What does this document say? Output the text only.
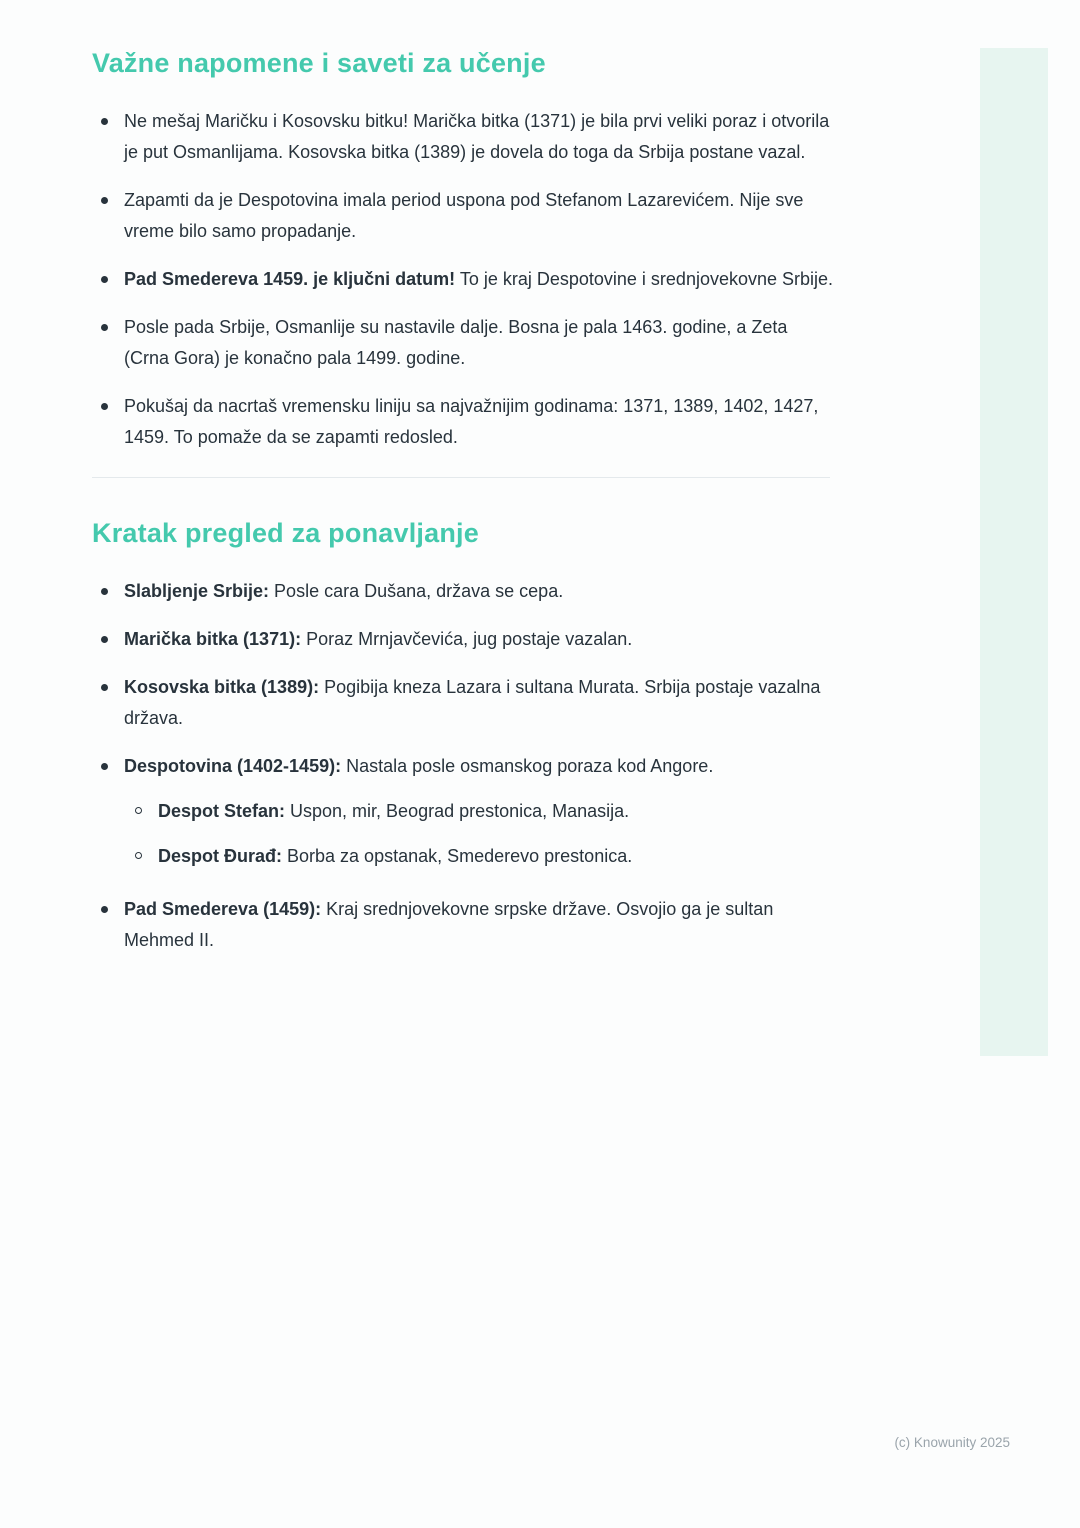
Važne napomene i saveti za učenje

Ne mešaj Maričku i Kosovsku bitku! Marička bitka (1371) je bila prvi veliki poraz i otvorila je put Osmanlijama. Kosovska bitka (1389) je dovela do toga da Srbija postane vazal.

Zapamti da je Despotovina imala period uspona pod Stefanom Lazarevićem. Nije sve vreme bilo samo propadanje.

Pad Smedereva 1459. je ključni datum! To je kraj Despotovine i srednjovekovne Srbije.

Posle pada Srbije, Osmanlije su nastavile dalje. Bosna je pala 1463. godine, a Zeta (Crna Gora) je konačno pala 1499. godine.

Pokušaj da nacrtaš vremensku liniju sa najvažnijim godinama: 1371, 1389, 1402, 1427, 1459. To pomaže da se zapamti redosled.

Kratak pregled za ponavljanje

Slabljenje Srbije: Posle cara Dušana, država se cepa.

Marička bitka (1371): Poraz Mrnjavčevića, jug postaje vazalan.

Kosovska bitka (1389): Pogibija kneza Lazara i sultana Murata. Srbija postaje vazalna država.

Despotovina (1402-1459): Nastala posle osmanskog poraza kod Angore.

Despot Stefan: Uspon, mir, Beograd prestonica, Manasija.

Despot Đurađ: Borba za opstanak, Smederevo prestonica.

Pad Smedereva (1459): Kraj srednjovekovne srpske države. Osvojio ga je sultan Mehmed II.

(c) Knowunity 2025
